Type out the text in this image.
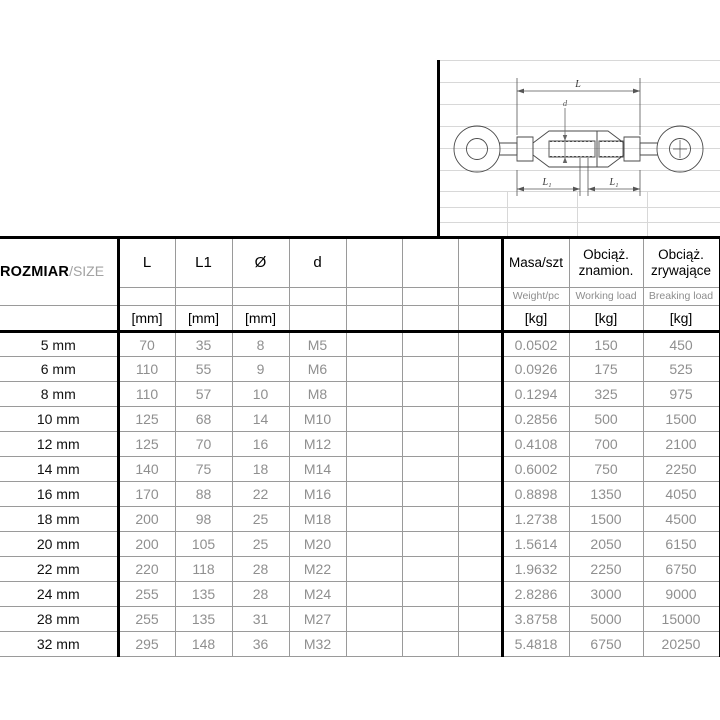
L
d
L₁	L₁
ROZMIAR/SIZE	L	L1	Ø	d				Masa/szt	Obciąż. znamion.	Obciąż. zrywające
								Weight/pc	Working load	Breaking load
	[mm]	[mm]	[mm]					[kg]	[kg]	[kg]
5 mm	70	35	8	M5				0.0502	150	450
6 mm	110	55	9	M6				0.0926	175	525
8 mm	110	57	10	M8				0.1294	325	975
10 mm	125	68	14	M10				0.2856	500	1500
12 mm	125	70	16	M12				0.4108	700	2100
14 mm	140	75	18	M14				0.6002	750	2250
16 mm	170	88	22	M16				0.8898	1350	4050
18 mm	200	98	25	M18				1.2738	1500	4500
20 mm	200	105	25	M20				1.5614	2050	6150
22 mm	220	118	28	M22				1.9632	2250	6750
24 mm	255	135	28	M24				2.8286	3000	9000
28 mm	255	135	31	M27				3.8758	5000	15000
32 mm	295	148	36	M32				5.4818	6750	20250
